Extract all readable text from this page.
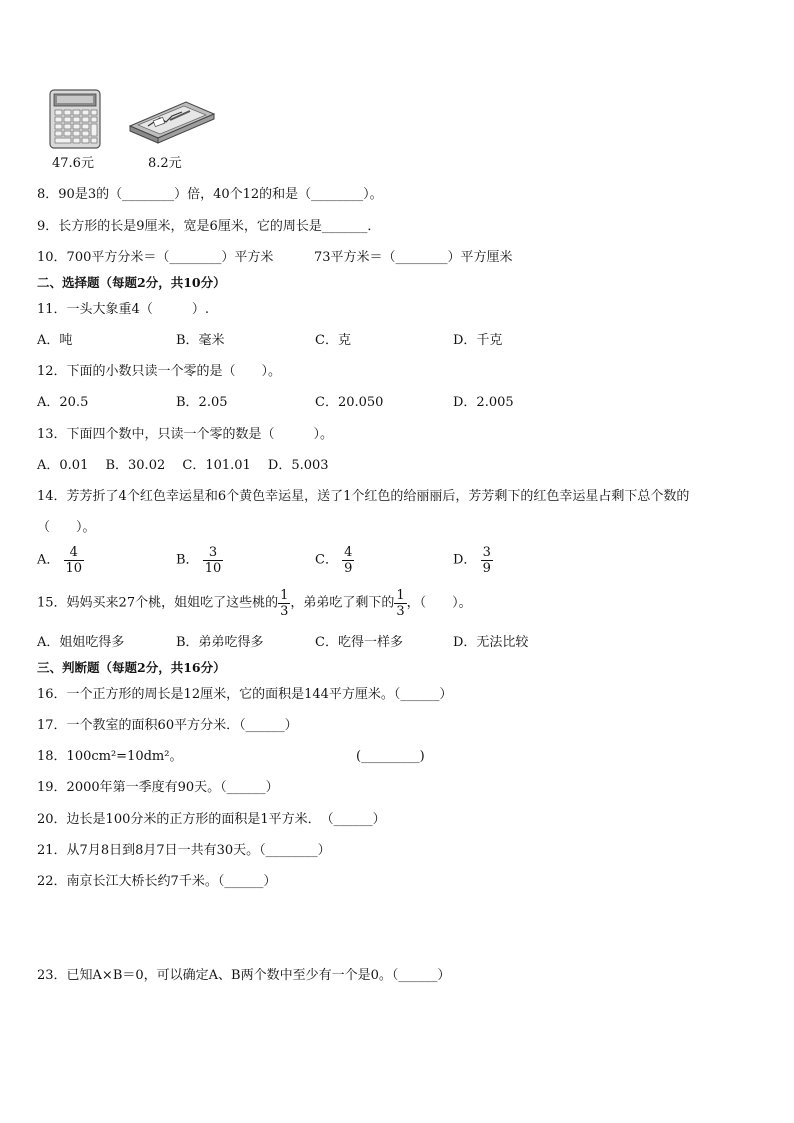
47.6元	8.2元
8．90是3的（________）倍，40个12的和是（________）。
9．长方形的长是9厘米，宽是6厘米，它的周长是_______．
10．700平方分米＝（________）平方米	73平方米＝（________）平方厘米
二、选择题（每题2分，共10分）
11．一头大象重4（　　　）.
A．吨	B．毫米	C．克	D．千克
12．下面的小数只读一个零的是（　　）。
A．20.5	B．2.05	C．20.050	D．2.005
13．下面四个数中，只读一个零的数是（　　　）。
A．0.01　 B．30.02　 C．101.01　 D．5.003
14．芳芳折了4个红色幸运星和6个黄色幸运星，送了1个红色的给丽丽后，芳芳剩下的红色幸运星占剩下总个数的
（　　）。
A． $\frac{4}{10}$	B． $\frac{3}{10}$	C． $\frac{4}{9}$	D． $\frac{3}{9}$
15．妈妈买来27个桃，姐姐吃了这些桃的 $\frac{1}{3}$ ，弟弟吃了剩下的 $\frac{1}{3}$ ，（　　）。
A．姐姐吃得多	B．弟弟吃得多	C．吃得一样多	D．无法比较
三、判断题（每题2分，共16分）
16．一个正方形的周长是12厘米，它的面积是144平方厘米。（______）
17．一个教室的面积60平方分米．（______）
18．100cm²=10dm²。	(_________)
19．2000年第一季度有90天。（______）
20．边长是100分米的正方形的面积是1平方米．　（______）
21．从7月8日到8月7日一共有30天。（________）
22．南京长江大桥长约7千米。（______）
23．已知A×B＝0，可以确定A、B两个数中至少有一个是0。（______）
